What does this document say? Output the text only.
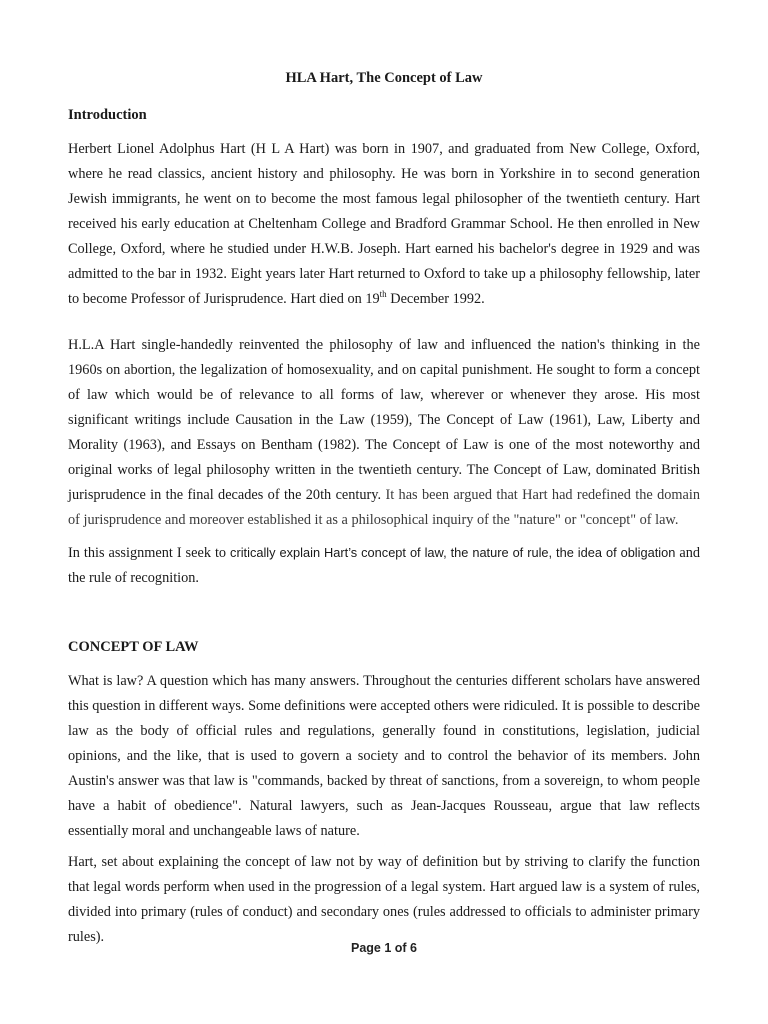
HLA Hart, The Concept of Law
Introduction
Herbert Lionel Adolphus Hart (H L A Hart) was born in 1907, and graduated from New College, Oxford, where he read classics, ancient history and philosophy. He was born in Yorkshire in to second generation Jewish immigrants, he went on to become the most famous legal philosopher of the twentieth century. Hart received his early education at Cheltenham College and Bradford Grammar School. He then enrolled in New College, Oxford, where he studied under H.W.B. Joseph. Hart earned his bachelor's degree in 1929 and was admitted to the bar in 1932. Eight years later Hart returned to Oxford to take up a philosophy fellowship, later to become Professor of Jurisprudence. Hart died on 19th December 1992.
H.L.A Hart single-handedly reinvented the philosophy of law and influenced the nation's thinking in the 1960s on abortion, the legalization of homosexuality, and on capital punishment. He sought to form a concept of law which would be of relevance to all forms of law, wherever or whenever they arose. His most significant writings include Causation in the Law (1959), The Concept of Law (1961), Law, Liberty and Morality (1963), and Essays on Bentham (1982). The Concept of Law is one of the most noteworthy and original works of legal philosophy written in the twentieth century. The Concept of Law, dominated British jurisprudence in the final decades of the 20th century. It has been argued that Hart had redefined the domain of jurisprudence and moreover established it as a philosophical inquiry of the "nature" or "concept" of law.
In this assignment I seek to critically explain Hart’s concept of law, the nature of rule, the idea of obligation and the rule of recognition.
CONCEPT OF LAW
What is law? A question which has many answers. Throughout the centuries different scholars have answered this question in different ways. Some definitions were accepted others were ridiculed. It is possible to describe law as the body of official rules and regulations, generally found in constitutions, legislation, judicial opinions, and the like, that is used to govern a society and to control the behavior of its members. John Austin's answer was that law is "commands, backed by threat of sanctions, from a sovereign, to whom people have a habit of obedience". Natural lawyers, such as Jean-Jacques Rousseau, argue that law reflects essentially moral and unchangeable laws of nature.
Hart, set about explaining the concept of law not by way of definition but by striving to clarify the function that legal words perform when used in the progression of a legal system. Hart argued law is a system of rules, divided into primary (rules of conduct) and secondary ones (rules addressed to officials to administer primary rules).
Page 1 of 6
